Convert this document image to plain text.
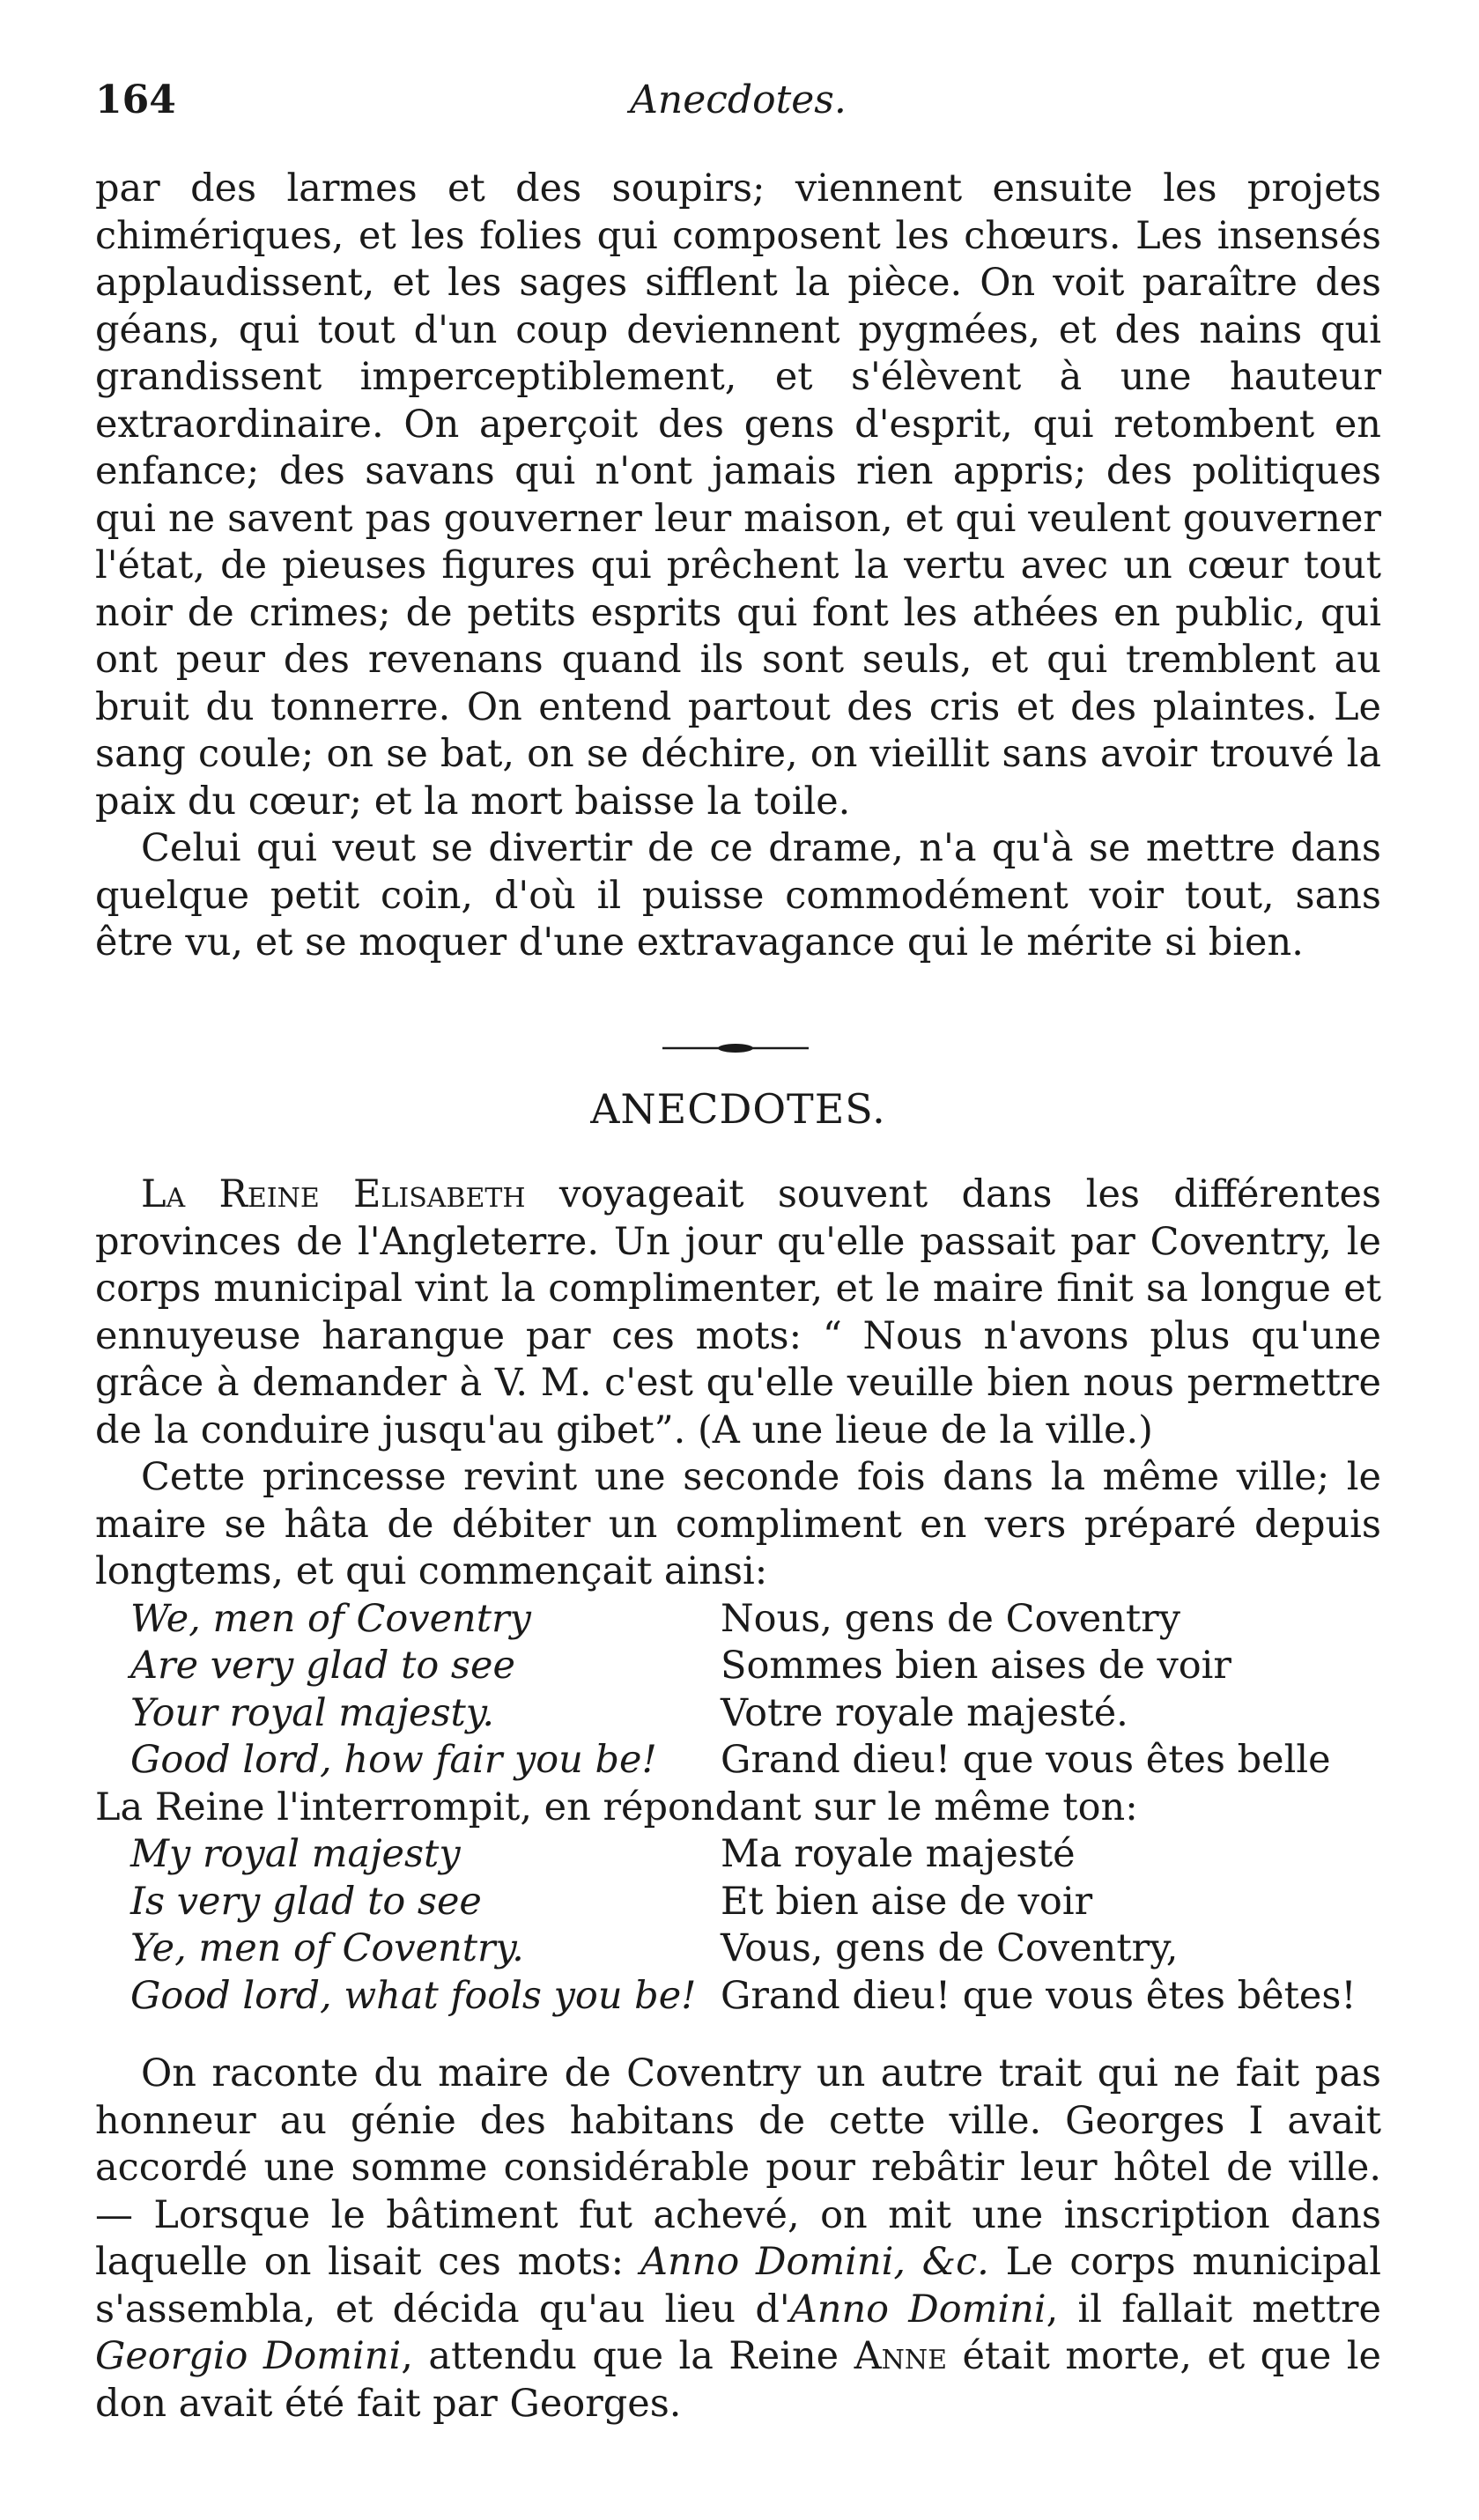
164	Anecdotes.

par des larmes et des soupirs; viennent ensuite les projets chimériques, et les folies qui composent les chœurs. Les insensés applaudissent, et les sages sifflent la pièce. On voit paraître des géans, qui tout d'un coup deviennent pygmées, et des nains qui grandissent imperceptiblement, et s'élèvent à une hauteur extraordinaire. On aperçoit des gens d'esprit, qui retombent en enfance; des savans qui n'ont jamais rien appris; des politiques qui ne savent pas gouverner leur maison, et qui veulent gouverner l'état, de pieuses figures qui prêchent la vertu avec un cœur tout noir de crimes; de petits esprits qui font les athées en public, qui ont peur des revenans quand ils sont seuls, et qui tremblent au bruit du tonnerre. On entend partout des cris et des plaintes. Le sang coule; on se bat, on se déchire, on vieillit sans avoir trouvé la paix du cœur; et la mort baisse la toile.

Celui qui veut se divertir de ce drame, n'a qu'à se mettre dans quelque petit coin, d'où il puisse commodément voir tout, sans être vu, et se moquer d'une extravagance qui le mérite si bien.

ANECDOTES.

La Reine Elisabeth voyageait souvent dans les différentes provinces de l'Angleterre. Un jour qu'elle passait par Coventry, le corps municipal vint la complimenter, et le maire finit sa longue et ennuyeuse harangue par ces mots: “ Nous n'avons plus qu'une grâce à demander à V. M. c'est qu'elle veuille bien nous permettre de la conduire jusqu'au gibet”. (A une lieue de la ville.)

Cette princesse revint une seconde fois dans la même ville; le maire se hâta de débiter un compliment en vers préparé depuis longtems, et qui commençait ainsi:

We, men of Coventry	Nous, gens de Coventry
Are very glad to see	Sommes bien aises de voir
Your royal majesty.	Votre royale majesté.
Good lord, how fair you be!	Grand dieu! que vous êtes belle

La Reine l'interrompit, en répondant sur le même ton:

My royal majesty	Ma royale majesté
Is very glad to see	Et bien aise de voir
Ye, men of Coventry.	Vous, gens de Coventry,
Good lord, what fools you be!	Grand dieu! que vous êtes bêtes!

On raconte du maire de Coventry un autre trait qui ne fait pas honneur au génie des habitans de cette ville. Georges I avait accordé une somme considérable pour rebâtir leur hôtel de ville.— Lorsque le bâtiment fut achevé, on mit une inscription dans laquelle on lisait ces mots: Anno Domini, &c. Le corps municipal s'assembla, et décida qu'au lieu d'Anno Domini, il fallait mettre Georgio Domini, attendu que la Reine Anne était morte, et que le don avait été fait par Georges.
